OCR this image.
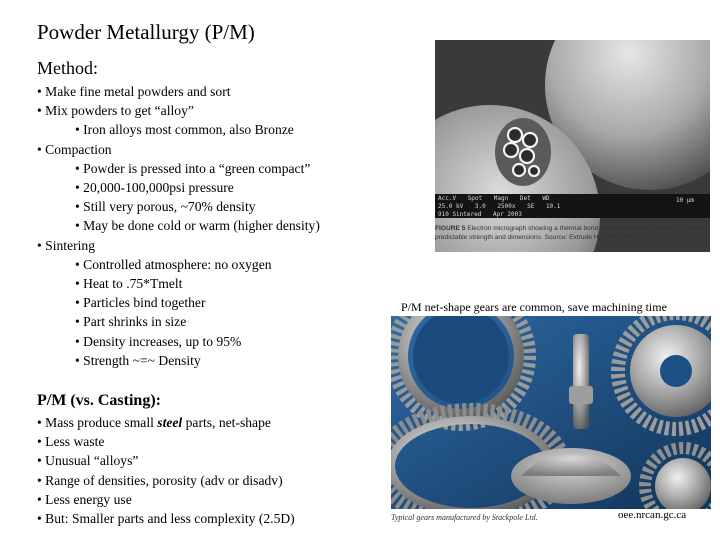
Powder Metallurgy (P/M)
Method:
• Make fine metal powders and sort
• Mix powders to get “alloy”
• Iron alloys most common, also Bronze
• Compaction
• Powder is pressed into a “green compact”
• 20,000-100,000psi pressure
• Still very porous, ~70% density
• May be done cold or warm (higher density)
• Sintering
• Controlled atmosphere: no oxygen
• Heat to .75*Tmelt
• Particles bind together
• Part shrinks in size
• Density increases, up to 95%
• Strength ~=~ Density
P/M (vs. Casting):
• Mass produce small steel parts, net-shape
• Less waste
• Unusual “alloys”
• Range of densities, porosity (adv or disadv)
• Less energy use
• But: Smaller parts and less complexity (2.5D)
Acc.V Spot Magn Det WD
25.0 kV 3.0 2500x SE 10.1
910 Sintered Apr 2003
10 µm
FIGURE 5 Electron micrograph showing a thermal bond produced through sintering to ensure predictable strength and dimensions. Source: Extrude Hone/ProMetal, 2003.
P/M net-shape gears are common, save machining time
Typical gears manufactured by Stackpole Ltd.	oee.nrcan.gc.ca
